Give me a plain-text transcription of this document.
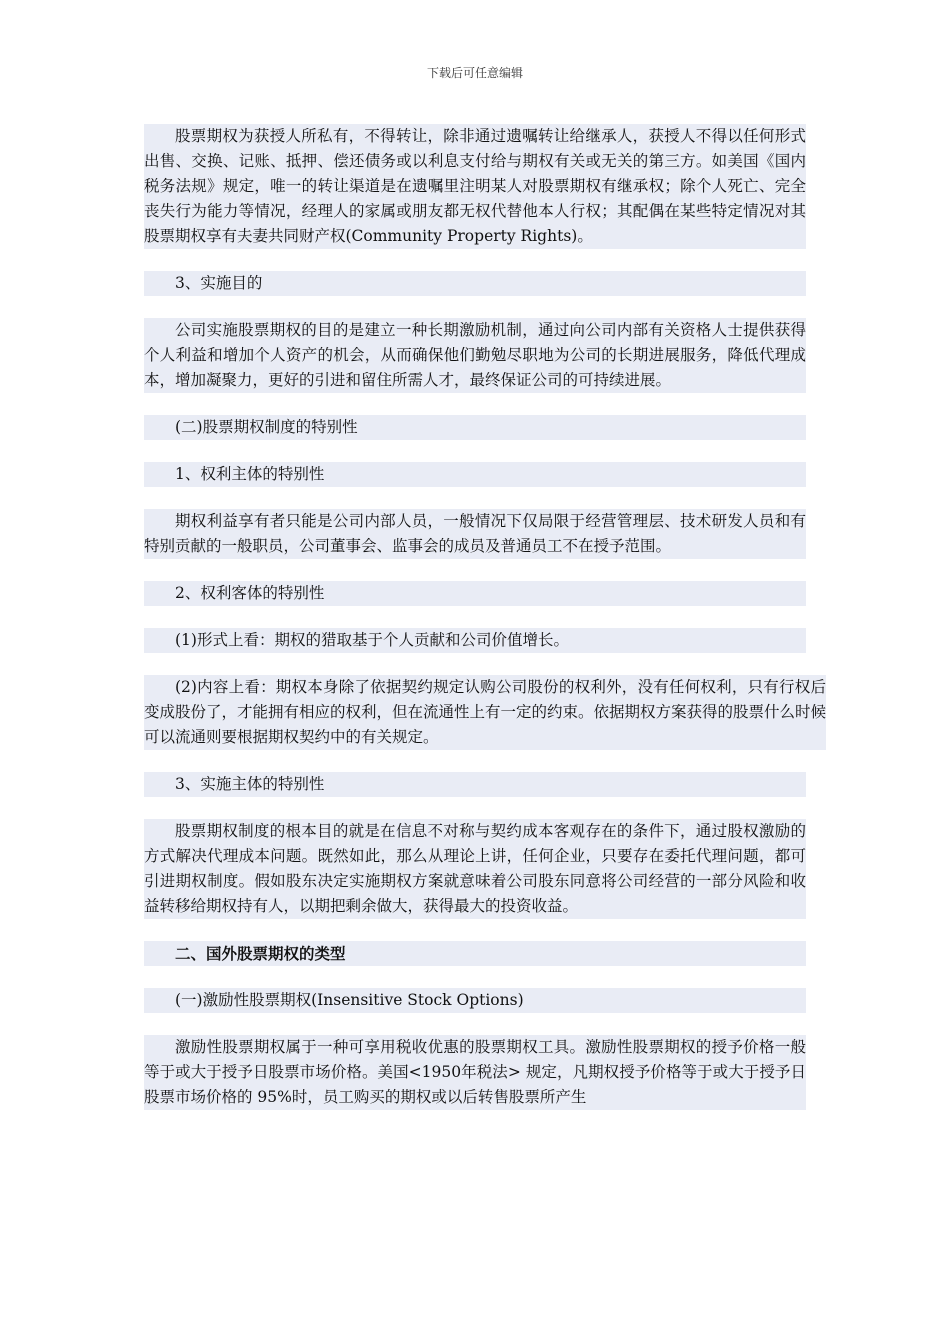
下载后可任意编辑

股票期权为获授人所私有，不得转让，除非通过遗嘱转让给继承人，获授人不得以任何形式出售、交换、记账、抵押、偿还债务或以利息支付给与期权有关或无关的第三方。如美国《国内税务法规》规定，唯一的转让渠道是在遗嘱里注明某人对股票期权有继承权；除个人死亡、完全丧失行为能力等情况，经理人的家属或朋友都无权代替他本人行权；其配偶在某些特定情况对其股票期权享有夫妻共同财产权(Community Property Rights)。

3、实施目的

公司实施股票期权的目的是建立一种长期激励机制，通过向公司内部有关资格人士提供获得个人利益和增加个人资产的机会，从而确保他们勤勉尽职地为公司的长期进展服务，降低代理成本，增加凝聚力，更好的引进和留住所需人才，最终保证公司的可持续进展。

(二)股票期权制度的特别性

1、权利主体的特别性

期权利益享有者只能是公司内部人员，一般情况下仅局限于经营管理层、技术研发人员和有特别贡献的一般职员，公司董事会、监事会的成员及普通员工不在授予范围。

2、权利客体的特别性

(1)形式上看：期权的猎取基于个人贡献和公司价值增长。

(2)内容上看：期权本身除了依据契约规定认购公司股份的权利外，没有任何权利，只有行权后变成股份了，才能拥有相应的权利，但在流通性上有一定的约束。依据期权方案获得的股票什么时候可以流通则要根据期权契约中的有关规定。

3、实施主体的特别性

股票期权制度的根本目的就是在信息不对称与契约成本客观存在的条件下，通过股权激励的方式解决代理成本问题。既然如此，那么从理论上讲，任何企业，只要存在委托代理问题，都可引进期权制度。假如股东决定实施期权方案就意味着公司股东同意将公司经营的一部分风险和收益转移给期权持有人，以期把剩余做大，获得最大的投资收益。

二、国外股票期权的类型

(一)激励性股票期权(Insensitive Stock Options)

激励性股票期权属于一种可享用税收优惠的股票期权工具。激励性股票期权的授予价格一般等于或大于授予日股票市场价格。美国<1950年税法> 规定，凡期权授予价格等于或大于授予日股票市场价格的 95%时，员工购买的期权或以后转售股票所产生
